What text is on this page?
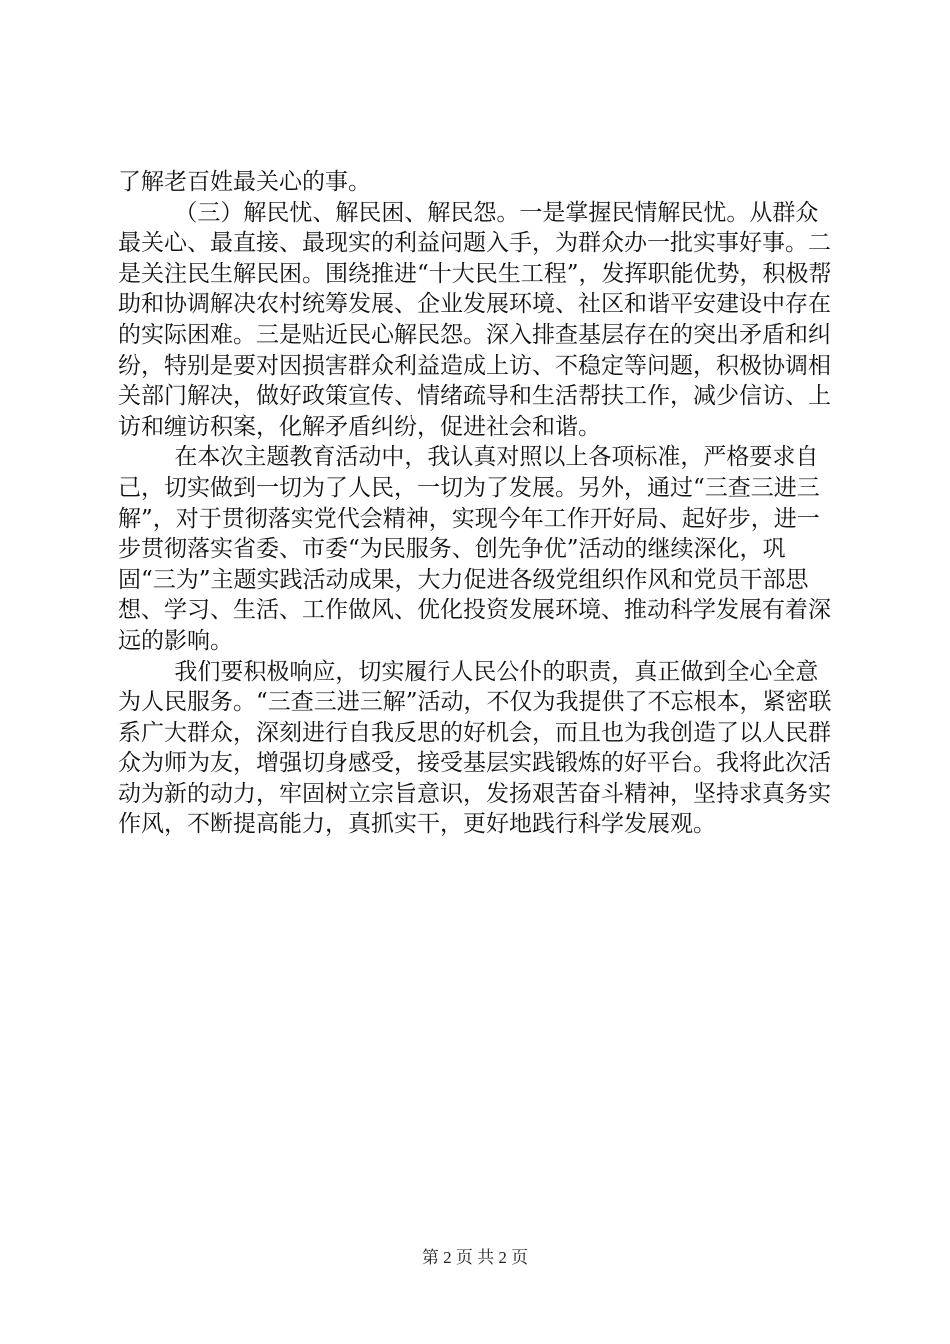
了解老百姓最关心的事。

（三）解民忧、解民困、解民怨。一是掌握民情解民忧。从群众最关心、最直接、最现实的利益问题入手，为群众办一批实事好事。二是关注民生解民困。围绕推进“十大民生工程”，发挥职能优势，积极帮助和协调解决农村统筹发展、企业发展环境、社区和谐平安建设中存在的实际困难。三是贴近民心解民怨。深入排查基层存在的突出矛盾和纠纷，特别是要对因损害群众利益造成上访、不稳定等问题，积极协调相关部门解决，做好政策宣传、情绪疏导和生活帮扶工作，减少信访、上访和缠访积案，化解矛盾纠纷，促进社会和谐。

在本次主题教育活动中，我认真对照以上各项标准，严格要求自己，切实做到一切为了人民，一切为了发展。另外，通过“三查三进三解”，对于贯彻落实党代会精神，实现今年工作开好局、起好步，进一步贯彻落实省委、市委“为民服务、创先争优”活动的继续深化，巩固“三为”主题实践活动成果，大力促进各级党组织作风和党员干部思想、学习、生活、工作做风、优化投资发展环境、推动科学发展有着深远的影响。

我们要积极响应，切实履行人民公仆的职责，真正做到全心全意为人民服务。“三查三进三解”活动，不仅为我提供了不忘根本，紧密联系广大群众，深刻进行自我反思的好机会，而且也为我创造了以人民群众为师为友，增强切身感受，接受基层实践锻炼的好平台。我将此次活动为新的动力，牢固树立宗旨意识，发扬艰苦奋斗精神，坚持求真务实作风，不断提高能力，真抓实干，更好地践行科学发展观。

第 2 页 共 2 页
